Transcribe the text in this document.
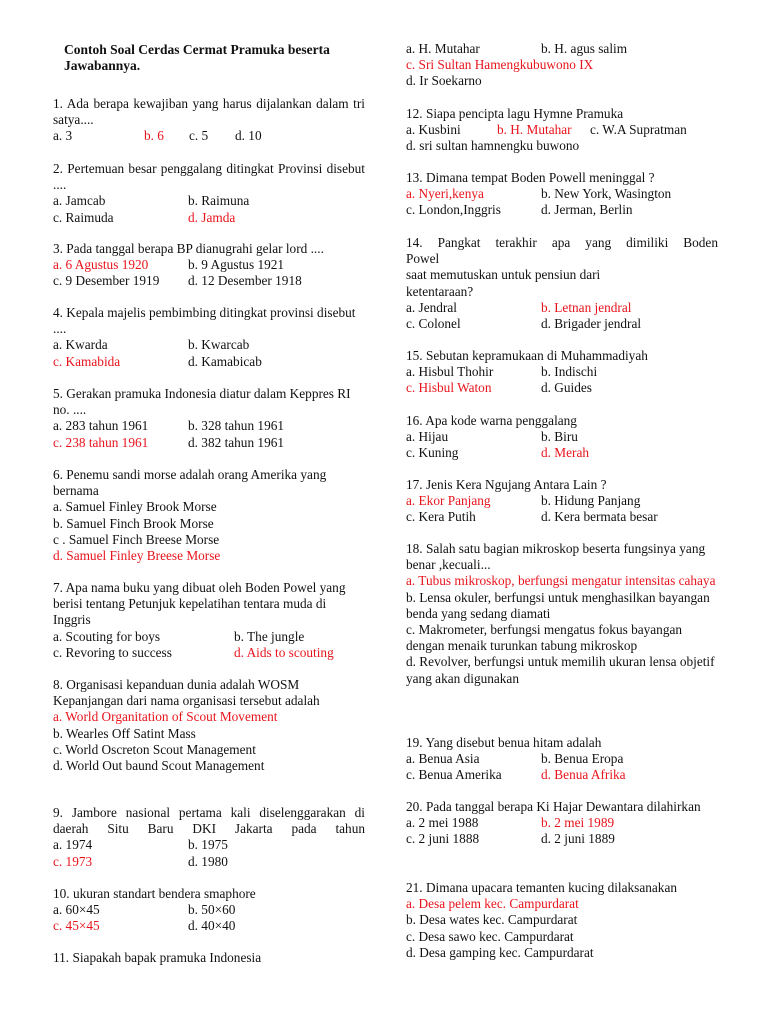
Contoh Soal Cerdas Cermat Pramuka beserta Jawabannya.
1. Ada berapa kewajiban yang harus dijalankan dalam tri satya....
a. 3	b. 6 c. 5 d. 10
2. Pertemuan besar penggalang ditingkat Provinsi disebut ....
a. Jamcab	b. Raimuna
c. Raimuda	d. Jamda
3. Pada tanggal berapa BP dianugrahi gelar lord ....
a. 6 Agustus 1920	b. 9 Agustus 1921
c. 9 Desember 1919 d. 12 Desember 1918
4. Kepala majelis pembimbing ditingkat provinsi disebut ....
a. Kwarda	b. Kwarcab
c. Kamabida	d. Kamabicab
5. Gerakan pramuka Indonesia diatur dalam Keppres RI no. ....
a. 283 tahun 1961	b. 328 tahun 1961
c. 238 tahun 1961	d. 382 tahun 1961
6. Penemu sandi morse adalah orang Amerika yang bernama
a. Samuel Finley Brook Morse
b. Samuel Finch Brook Morse
c . Samuel Finch Breese Morse
d. Samuel Finley Breese Morse
7. Apa nama buku yang dibuat oleh Boden Powel yang berisi tentang Petunjuk kepelatihan tentara muda di Inggris
a. Scouting for boys	b. The jungle
c. Revoring to success	d. Aids to scouting
8. Organisasi kepanduan dunia adalah WOSM Kepanjangan dari nama organisasi tersebut adalah
a. World Organitation of Scout Movement
b. Wearles Off Satint Mass
c. World Oscreton Scout Management
d. World Out baund Scout Management
9. Jambore nasional pertama kali diselenggarakan di daerah Situ Baru DKI Jakarta pada tahun
a. 1974	b. 1975
c. 1973	d. 1980
10. ukuran standart bendera smaphore
a. 60×45	b. 50×60
c. 45×45	d. 40×40
11. Siapakah bapak pramuka Indonesia
a. H. Mutahar	b. H. agus salim
c. Sri Sultan Hamengkubuwono IX
d. Ir Soekarno
12. Siapa pencipta lagu Hymne Pramuka
a. Kusbini	b. H. Mutahar c. W.A Supratman
d. sri sultan hamnengku buwono
13. Dimana tempat Boden Powell meninggal ?
a. Nyeri,kenya	b. New York, Wasington
c. London,Inggris	d. Jerman, Berlin
14. Pangkat terakhir apa yang dimiliki Boden
Powel
saat memutuskan untuk pensiun dari
ketentaraan?
a. Jendral	b. Letnan jendral
c. Colonel	d. Brigader jendral
15. Sebutan kepramukaan di Muhammadiyah
a. Hisbul Thohir	b. Indischi
c. Hisbul Waton	d. Guides
16. Apa kode warna penggalang
a. Hijau	b. Biru
c. Kuning	d. Merah
17. Jenis Kera Ngujang Antara Lain ?
a. Ekor Panjang	b. Hidung Panjang
c. Kera Putih	d. Kera bermata besar
18. Salah satu bagian mikroskop beserta fungsinya yang benar ,kecuali...
a. Tubus mikroskop, berfungsi mengatur intensitas cahaya
b. Lensa okuler, berfungsi untuk menghasilkan bayangan benda yang sedang diamati
c. Makrometer, berfungsi mengatus fokus bayangan dengan menaik turunkan tabung mikroskop
d. Revolver, berfungsi untuk memilih ukuran lensa objetif yang akan digunakan
19. Yang disebut benua hitam adalah
a. Benua Asia	b. Benua Eropa
c. Benua Amerika	d. Benua Afrika
20. Pada tanggal berapa Ki Hajar Dewantara dilahirkan
a. 2 mei 1988	b. 2 mei 1989
c. 2 juni 1888	d. 2 juni 1889
21. Dimana upacara temanten kucing dilaksanakan
a. Desa pelem kec. Campurdarat
b. Desa wates kec. Campurdarat
c. Desa sawo kec. Campurdarat
d. Desa gamping kec. Campurdarat
